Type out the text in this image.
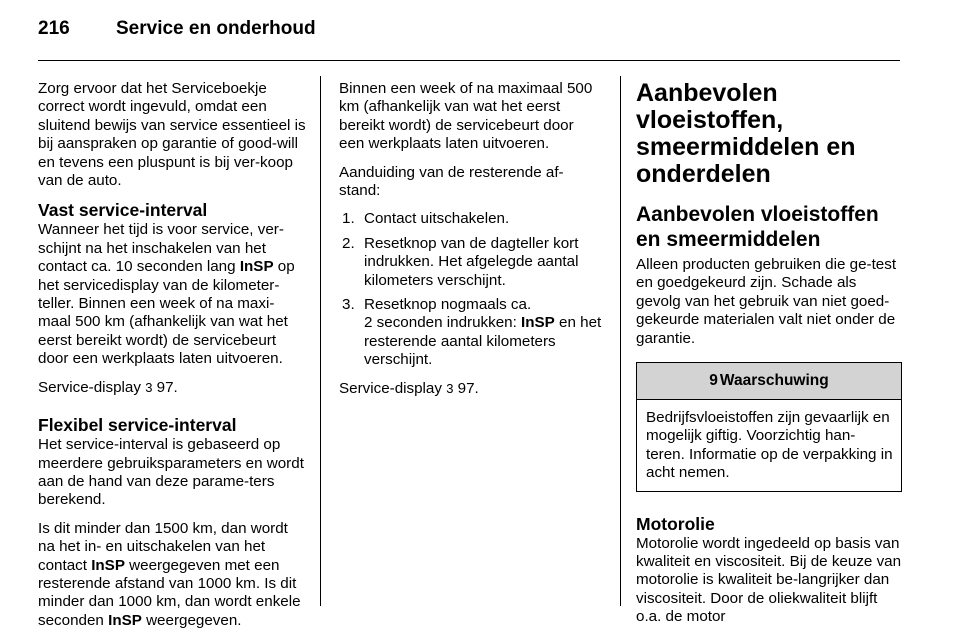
216 Service en onderhoud

Zorg ervoor dat het Serviceboekje correct wordt ingevuld, omdat een sluitend bewijs van service essentieel is bij aanspraken op garantie of good-will en tevens een pluspunt is bij ver-koop van de auto.

Vast service-interval

Wanneer het tijd is voor service, ver-schijnt na het inschakelen van het contact ca. 10 seconden lang InSP op het servicedisplay van de kilometer-teller. Binnen een week of na maxi-maal 500 km (afhankelijk van wat het eerst bereikt wordt) de servicebeurt door een werkplaats laten uitvoeren.

Service-display 3 97.

Flexibel service-interval

Het service-interval is gebaseerd op meerdere gebruiksparameters en wordt aan de hand van deze parame-ters berekend.

Is dit minder dan 1500 km, dan wordt na het in- en uitschakelen van het contact InSP weergegeven met een resterende afstand van 1000 km. Is dit minder dan 1000 km, dan wordt enkele seconden InSP weergegeven.

Binnen een week of na maximaal 500 km (afhankelijk van wat het eerst bereikt wordt) de servicebeurt door een werkplaats laten uitvoeren.

Aanduiding van de resterende af-stand:

1. Contact uitschakelen.
2. Resetknop van de dagteller kort indrukken. Het afgelegde aantal kilometers verschijnt.
3. Resetknop nogmaals ca.
2 seconden indrukken: InSP en het resterende aantal kilometers verschijnt.

Service-display 3 97.

Aanbevolen vloeistoffen, smeermiddelen en onderdelen
Aanbevolen vloeistoffen en smeermiddelen

Alleen producten gebruiken die ge-test en goedgekeurd zijn. Schade als gevolg van het gebruik van niet goed-gekeurde materialen valt niet onder de garantie.

9 Waarschuwing
Bedrijfsvloeistoffen zijn gevaarlijk en mogelijk giftig. Voorzichtig han-teren. Informatie op de verpakking in acht nemen.
Motorolie

Motorolie wordt ingedeeld op basis van kwaliteit en viscositeit. Bij de keuze van motorolie is kwaliteit be-langrijker dan viscositeit. Door de oliekwaliteit blijft o.a. de motor
